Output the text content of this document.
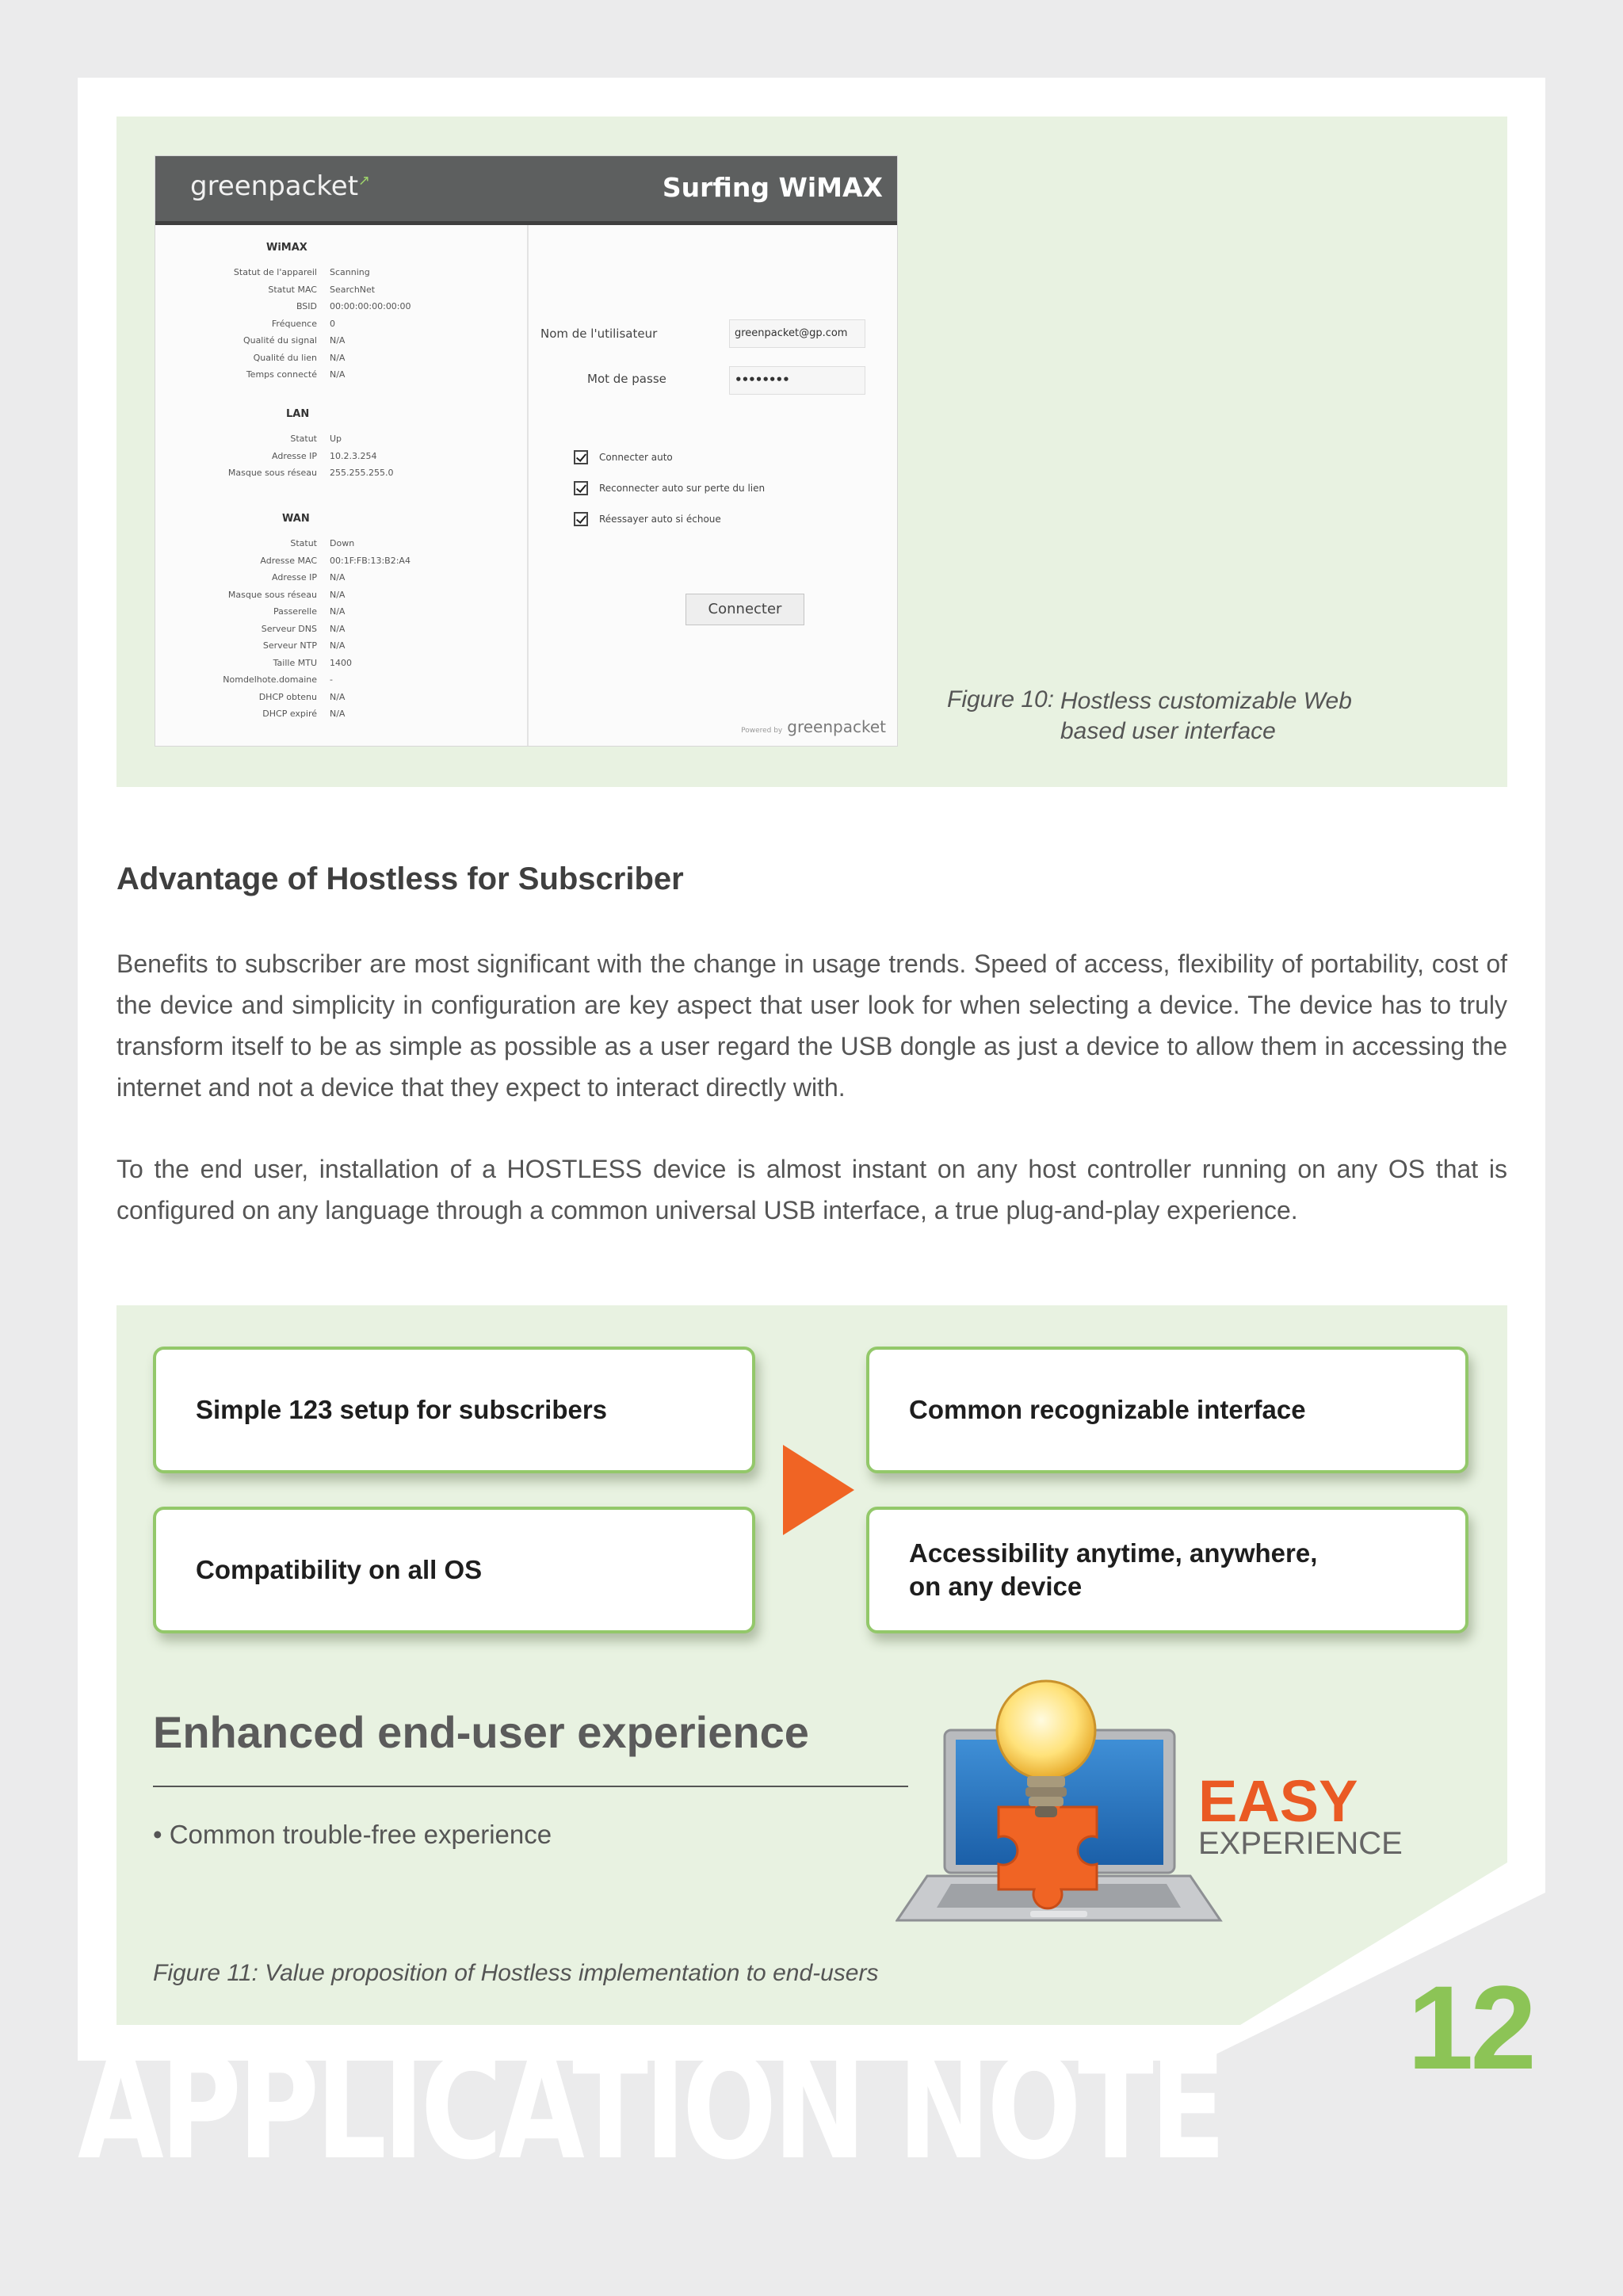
greenpacket↗	Surfing WiMAX
WiMAX
Statut de l'appareil Scanning
Statut MAC SearchNet
BSID 00:00:00:00:00:00
Fréquence 0
Qualité du signal N/A
Qualité du lien N/A
Temps connecté N/A
LAN
Statut Up
Adresse IP 10.2.3.254
Masque sous réseau 255.255.255.0
WAN
Statut Down
Adresse MAC 00:1F:FB:13:B2:A4
Adresse IP N/A
Masque sous réseau N/A
Passerelle N/A
Serveur DNS N/A
Serveur NTP N/A
Taille MTU 1400
Nomdelhote.domaine -
DHCP obtenu N/A
DHCP expiré N/A
Nom de l'utilisateur	greenpacket@gp.com
Mot de passe	••••••••
Connecter auto
Reconnecter auto sur perte du lien
Réessayer auto si échoue
Connecter
Powered by greenpacket
Figure 10: Hostless customizable Web based user interface
Advantage of Hostless for Subscriber

Benefits to subscriber are most significant with the change in usage trends. Speed of access, flexibility of portability, cost of the device and simplicity in configuration are key aspect that user look for when selecting a device. The device has to truly transform itself to be as simple as possible as a user regard the USB dongle as just a device to allow them in accessing the internet and not a device that they expect to interact directly with.

To the end user, installation of a HOSTLESS device is almost instant on any host controller running on any OS that is configured on any language through a common universal USB interface, a true plug-and-play experience.

Simple 123 setup for subscribers
Compatibility on all OS
Common recognizable interface
Accessibility anytime, anywhere,
on any device
Enhanced end-user experience
• Common trouble-free experience
EASY
EXPERIENCE
Figure 11: Value proposition of Hostless implementation to end-users
APPLICATION NOTE 12
